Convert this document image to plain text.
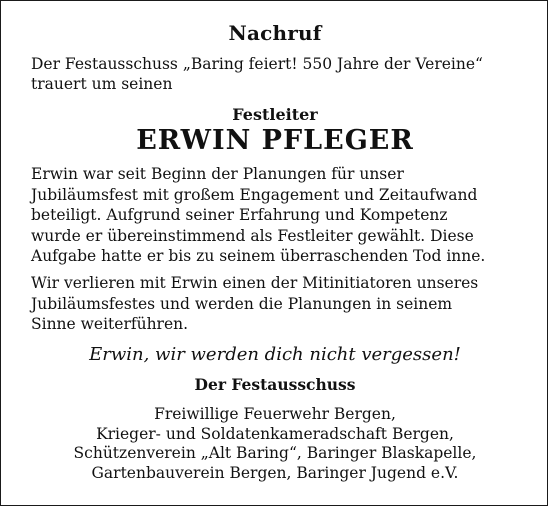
Nachruf
Der Festausschuss „Baring feiert! 550 Jahre der Vereine“
trauert um seinen
Festleiter
ERWIN PFLEGER
Erwin war seit Beginn der Planungen für unser
Jubiläumsfest mit großem Engagement und Zeitaufwand
beteiligt. Aufgrund seiner Erfahrung und Kompetenz
wurde er übereinstimmend als Festleiter gewählt. Diese
Aufgabe hatte er bis zu seinem überraschenden Tod inne.
Wir verlieren mit Erwin einen der Mitinitiatoren unseres
Jubiläumsfestes und werden die Planungen in seinem
Sinne weiterführen.
Erwin, wir werden dich nicht vergessen!
Der Festausschuss
Freiwillige Feuerwehr Bergen,
Krieger- und Soldatenkameradschaft Bergen,
Schützenverein „Alt Baring“, Baringer Blaskapelle,
Gartenbauverein Bergen, Baringer Jugend e.V.
